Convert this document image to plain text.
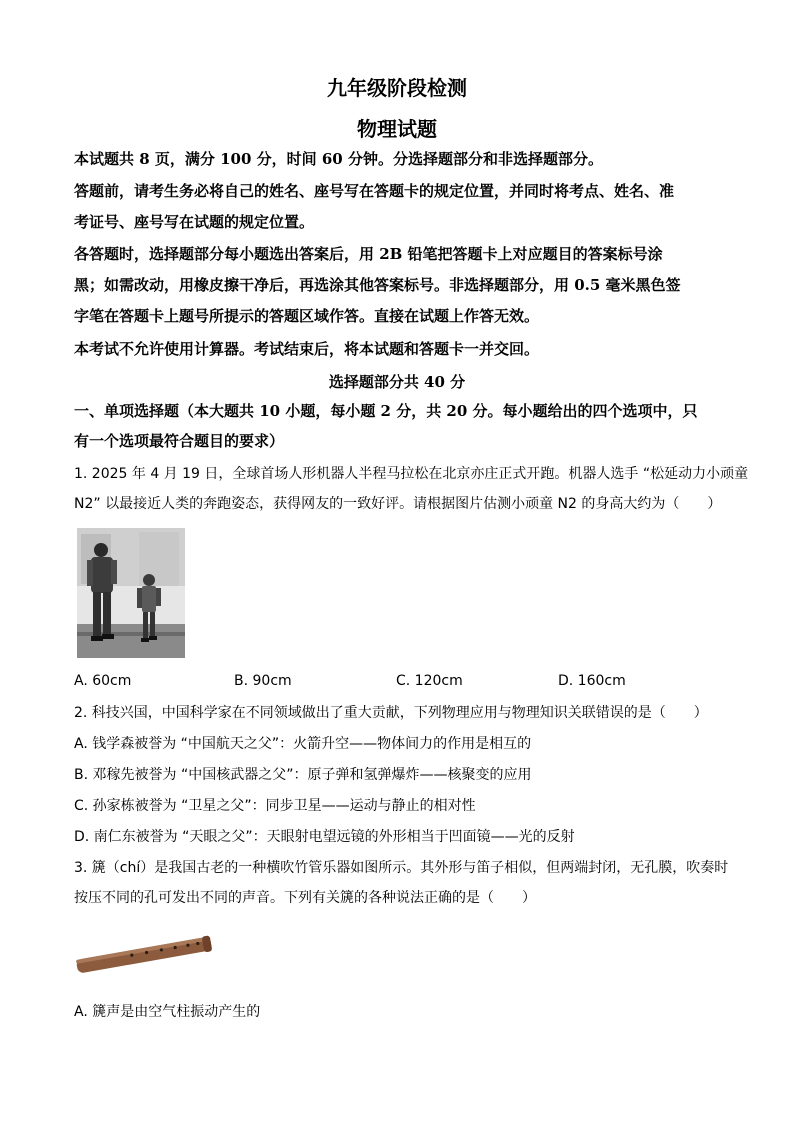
九年级阶段检测
物理试题
本试题共 8 页，满分 100 分，时间 60 分钟。分选择题部分和非选择题部分。
答题前，请考生务必将自己的姓名、座号写在答题卡的规定位置，并同时将考点、姓名、准
考证号、座号写在试题的规定位置。
各答题时，选择题部分每小题选出答案后，用 2B 铅笔把答题卡上对应题目的答案标号涂
黑；如需改动，用橡皮擦干净后，再选涂其他答案标号。非选择题部分，用 0.5 毫米黑色签
字笔在答题卡上题号所提示的答题区域作答。直接在试题上作答无效。
本考试不允许使用计算器。考试结束后，将本试题和答题卡一并交回。
选择题部分共 40 分
一、单项选择题（本大题共 10 小题，每小题 2 分，共 20 分。每小题给出的四个选项中，只
有一个选项最符合题目的要求）
1. 2025 年 4 月 19 日，全球首场人形机器人半程马拉松在北京亦庄正式开跑。机器人选手 “松延动力小顽童
N2” 以最接近人类的奔跑姿态，获得网友的一致好评。请根据图片估测小顽童 N2 的身高大约为（　　）
A. 60cm	B. 90cm	C. 120cm	D. 160cm
2. 科技兴国，中国科学家在不同领域做出了重大贡献，下列物理应用与物理知识关联错误的是（　　）
A. 钱学森被誉为 “中国航天之父”：火箭升空——物体间力的作用是相互的
B. 邓稼先被誉为 “中国核武器之父”：原子弹和氢弹爆炸——核聚变的应用
C. 孙家栋被誉为 “卫星之父”：同步卫星——运动与静止的相对性
D. 南仁东被誉为 “天眼之父”：天眼射电望远镜的外形相当于凹面镜——光的反射
3. 篪（chí）是我国古老的一种横吹竹管乐器如图所示。其外形与笛子相似，但两端封闭，无孔膜，吹奏时
按压不同的孔可发出不同的声音。下列有关篪的各种说法正确的是（　　）
A. 篪声是由空气柱振动产生的
